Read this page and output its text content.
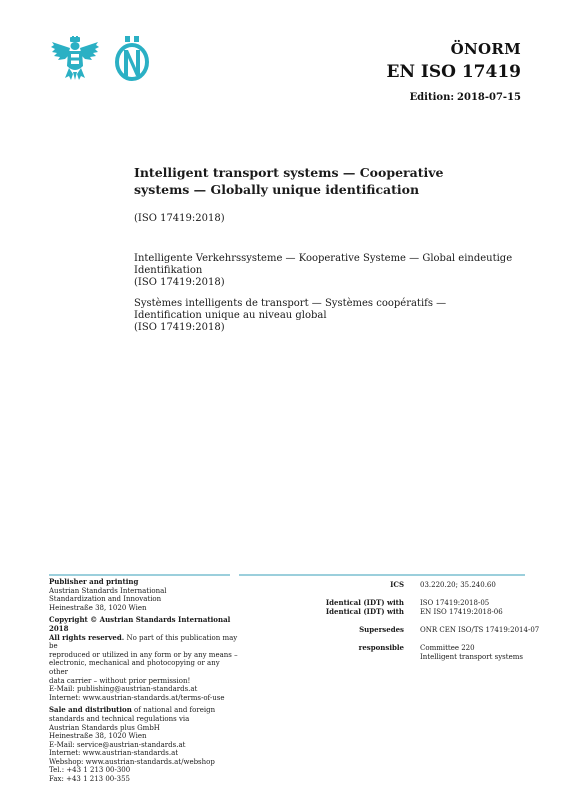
ÖNORM
EN ISO 17419
Edition: 2018-07-15
Intelligent transport systems — Cooperative systems — Globally unique identification
(ISO 17419:2018)
Intelligente Verkehrssysteme — Kooperative Systeme — Global eindeutige
Identifikation
(ISO 17419:2018)
Systèmes intelligents de transport — Systèmes coopératifs —
Identification unique au niveau global
(ISO 17419:2018)
Publisher and printing
Austrian Standards International
Standardization and Innovation
Heinestraße 38, 1020 Wien
Copyright © Austrian Standards International 2018
All rights reserved. No part of this publication may be
reproduced or utilized in any form or by any means –
electronic, mechanical and photocopying or any other
data carrier – without prior permission!
E-Mail: publishing@austrian-standards.at
Internet: www.austrian-standards.at/terms-of-use
Sale and distribution of national and foreign
standards and technical regulations via
Austrian Standards plus GmbH
Heinestraße 38, 1020 Wien
E-Mail: service@austrian-standards.at
Internet: www.austrian-standards.at
Webshop: www.austrian-standards.at/webshop
Tel.: +43 1 213 00-300
Fax: +43 1 213 00-355
ICS 03.220.20; 35.240.60
Identical (IDT) with ISO 17419:2018-05
Identical (IDT) with EN ISO 17419:2018-06
Supersedes ONR CEN ISO/TS 17419:2014-07
responsible Committee 220
Intelligent transport systems
